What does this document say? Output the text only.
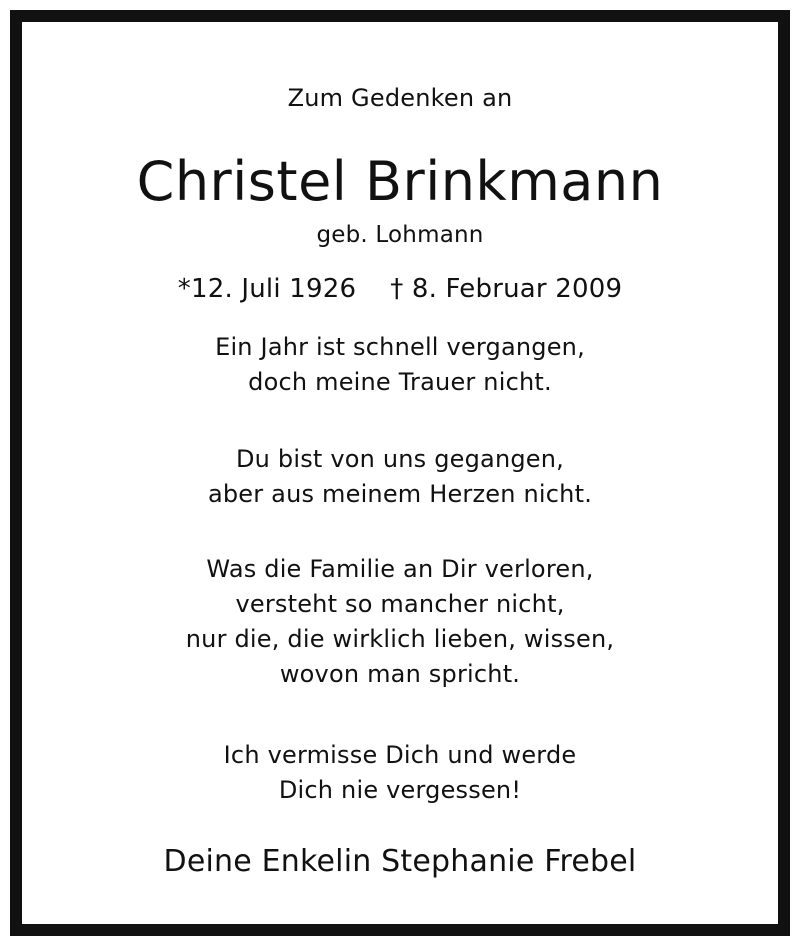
Zum Gedenken an
Christel Brinkmann
geb. Lohmann
*12. Juli 1926 † 8. Februar 2009
Ein Jahr ist schnell vergangen,
doch meine Trauer nicht.
Du bist von uns gegangen,
aber aus meinem Herzen nicht.
Was die Familie an Dir verloren,
versteht so mancher nicht,
nur die, die wirklich lieben, wissen,
wovon man spricht.
Ich vermisse Dich und werde
Dich nie vergessen!
Deine Enkelin Stephanie Frebel
